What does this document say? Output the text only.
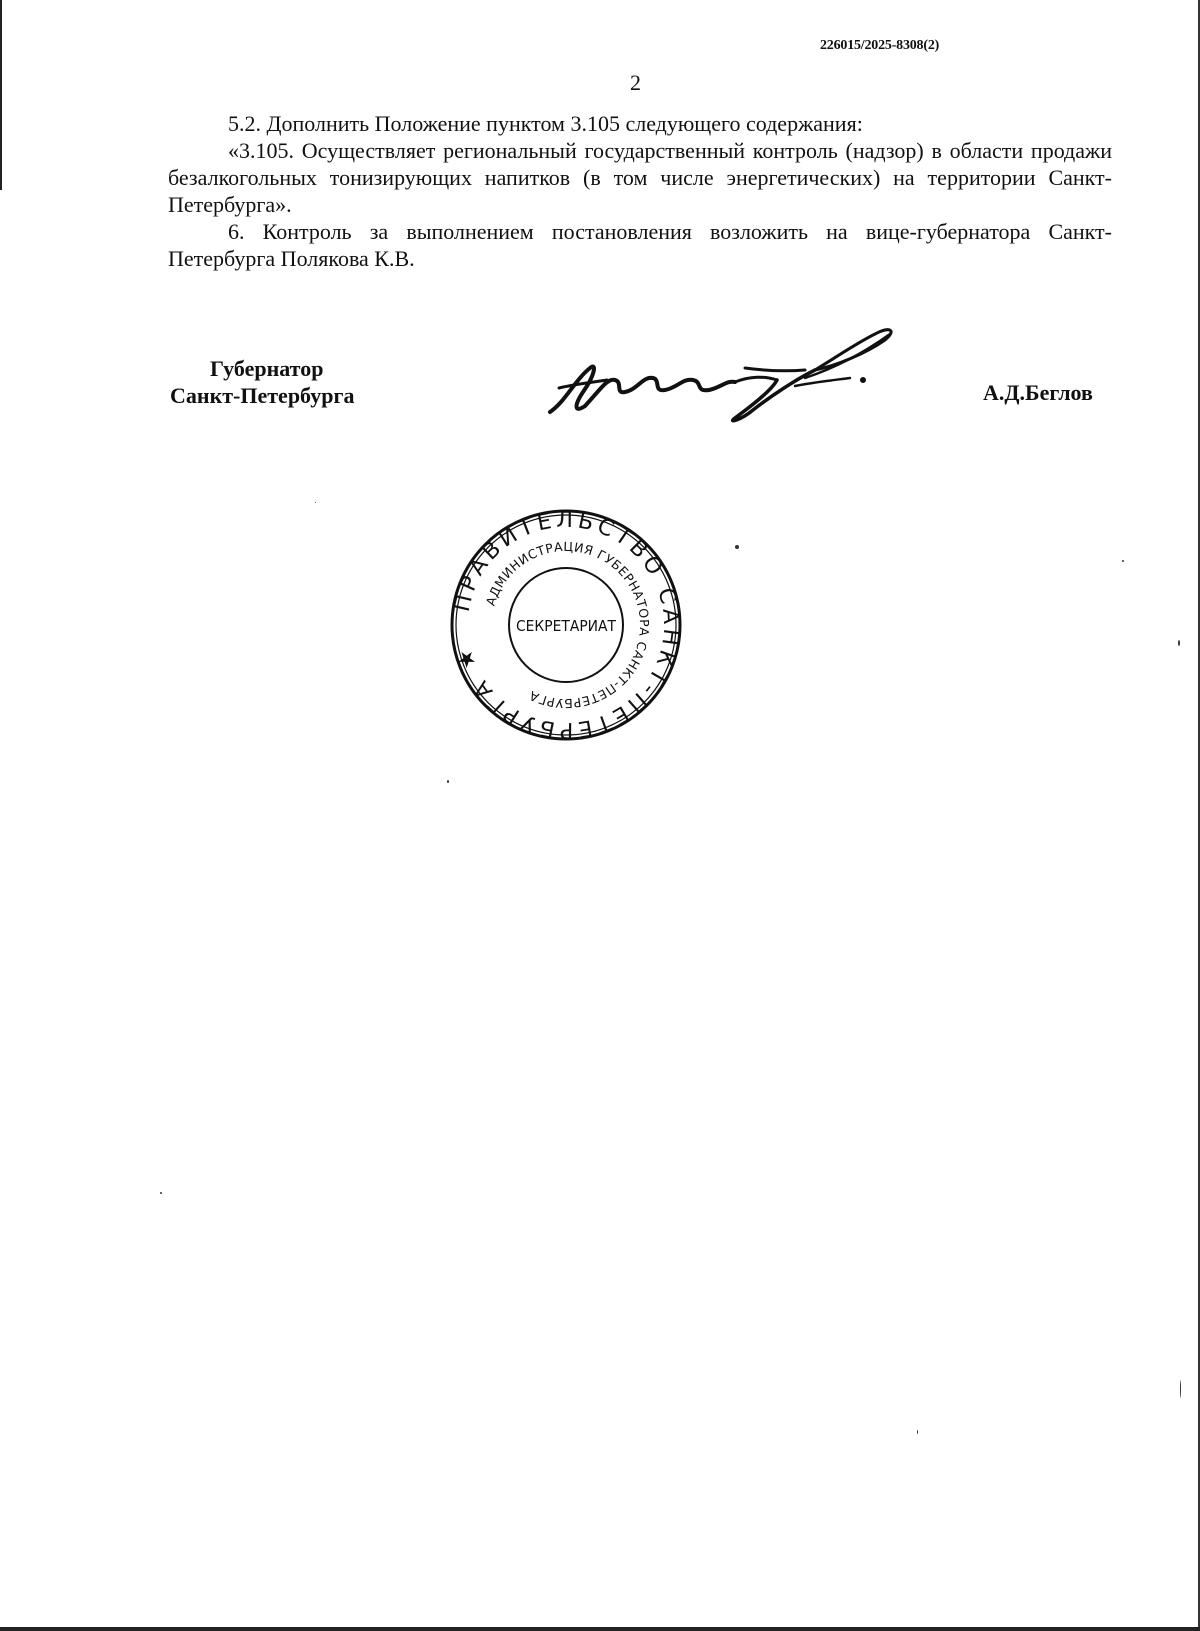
226015/2025-8308(2)
2

5.2. Дополнить Положение пунктом 3.105 следующего содержания:

«3.105. Осуществляет региональный государственный контроль (надзор) в области продажи безалкогольных тонизирующих напитков (в том числе энергетических) на территории Санкт-Петербурга».

6. Контроль за выполнением постановления возложить на вице-губернатора Санкт-Петербурга Полякова К.В.

Губернатор
Санкт-Петербурга	А.Д.Беглов
ПРАВИТЕЛЬСТВО САНКТ-ПЕТЕРБУРГА ★
АДМИНИСТРАЦИЯ ГУБЕРНАТОРА САНКТ-ПЕТЕРБУРГА
СЕКРЕТАРИАТ
